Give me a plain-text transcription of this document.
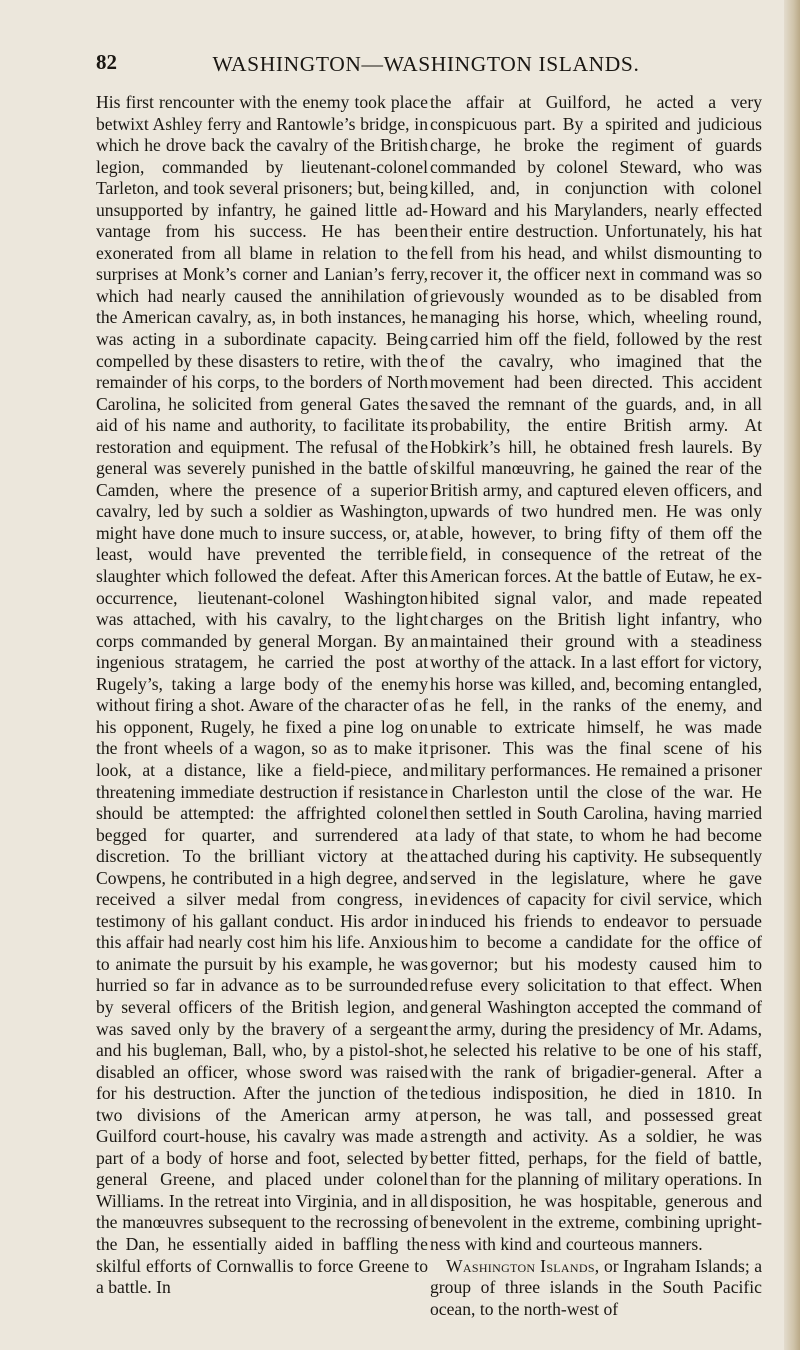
82	WASHINGTON—WASHINGTON ISLANDS.

His first rencounter with the enemy took place betwixt Ashley ferry and Rantowle’s bridge, in which he drove back the cavalry of the British legion, commanded by lieutenant-colonel Tarleton, and took several prisoners; but, being unsupported by infantry, he gained little advantage from his success. He has been exonerated from all blame in relation to the surprises at Monk’s corner and Lanian’s ferry, which had nearly caused the annihilation of the American cavalry, as, in both instances, he was acting in a subordinate capacity. Being compelled by these disasters to retire, with the remainder of his corps, to the borders of North Carolina, he solicited from general Gates the aid of his name and authority, to facilitate its restoration and equipment. The refusal of the general was severely punished in the battle of Camden, where the presence of a superior cavalry, led by such a soldier as Washington, might have done much to insure success, or, at least, would have prevented the terrible slaughter which followed the defeat. After this occurrence, lieutenant-colonel Washington was attached, with his cavalry, to the light corps commanded by general Morgan. By an ingenious stratagem, he carried the post at Rugely’s, taking a large body of the enemy without firing a shot. Aware of the character of his opponent, Rugely, he fixed a pine log on the front wheels of a wagon, so as to make it look, at a distance, like a field-piece, and threatening immediate destruction if resistance should be attempted: the affrighted colonel begged for quarter, and surrendered at discretion. To the brilliant victory at the Cowpens, he contributed in a high degree, and received a silver medal from congress, in testimony of his gallant conduct. His ardor in this affair had nearly cost him his life. Anxious to animate the pursuit by his example, he was hurried so far in advance as to be surrounded by several officers of the British legion, and was saved only by the bravery of a sergeant and his bugleman, Ball, who, by a pistol-shot, disabled an officer, whose sword was raised for his destruction. After the junction of the two divisions of the American army at Guilford court-house, his cavalry was made a part of a body of horse and foot, selected by general Greene, and placed under colonel Williams. In the retreat into Virginia, and in all the manœuvres subsequent to the recrossing of the Dan, he essentially aided in baffling the skilful efforts of Cornwallis to force Greene to a battle. In

the affair at Guilford, he acted a very conspicuous part. By a spirited and judicious charge, he broke the regiment of guards commanded by colonel Steward, who was killed, and, in conjunction with colonel Howard and his Marylanders, nearly effected their entire destruction. Unfortunately, his hat fell from his head, and whilst dismounting to recover it, the officer next in command was so grievously wounded as to be disabled from managing his horse, which, wheeling round, carried him off the field, followed by the rest of the cavalry, who imagined that the movement had been directed. This accident saved the remnant of the guards, and, in all probability, the entire British army. At Hobkirk’s hill, he obtained fresh laurels. By skilful manœuvring, he gained the rear of the British army, and captured eleven officers, and upwards of two hundred men. He was only able, however, to bring fifty of them off the field, in consequence of the retreat of the American forces. At the battle of Eutaw, he exhibited signal valor, and made repeated charges on the British light infantry, who maintained their ground with a steadiness worthy of the attack. In a last effort for victory, his horse was killed, and, becoming entangled, as he fell, in the ranks of the enemy, and unable to extricate himself, he was made prisoner. This was the final scene of his military performances. He remained a prisoner in Charleston until the close of the war. He then settled in South Carolina, having married a lady of that state, to whom he had become attached during his captivity. He subsequently served in the legislature, where he gave evidences of capacity for civil service, which induced his friends to endeavor to persuade him to become a candidate for the office of governor; but his modesty caused him to refuse every solicitation to that effect. When general Washington accepted the command of the army, during the presidency of Mr. Adams, he selected his relative to be one of his staff, with the rank of brigadier-general. After a tedious indisposition, he died in 1810. In person, he was tall, and possessed great strength and activity. As a soldier, he was better fitted, perhaps, for the field of battle, than for the planning of military operations. In disposition, he was hospitable, generous and benevolent in the extreme, combining uprightness with kind and courteous manners.

Washington Islands, or Ingraham Islands; a group of three islands in the South Pacific ocean, to the north-west of
